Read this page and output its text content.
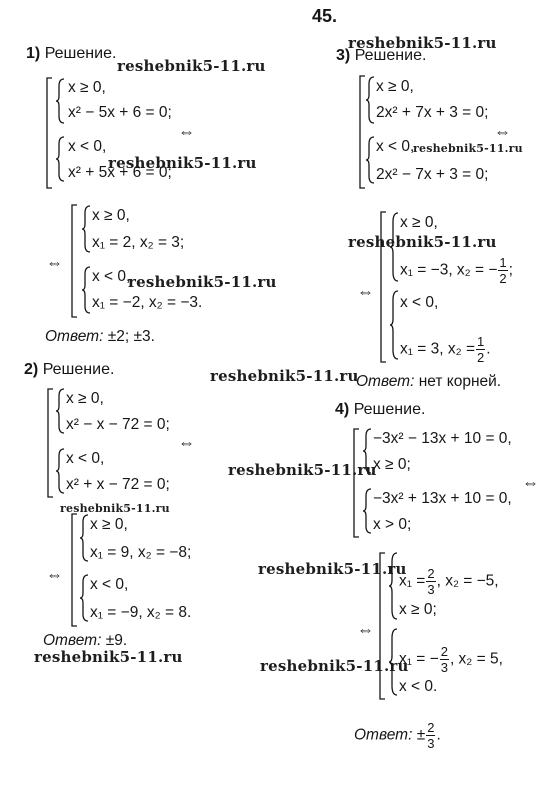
45.
reshebnik5-11.ru
reshebnik5-11.ru
reshebnik5-11.ru
reshebnik5-11.ru
reshebnik5-11.ru
reshebnik5-11.ru
reshebnik5-11.ru
reshebnik5-11.ru
reshebnik5-11.ru
reshebnik5-11.ru
reshebnik5-11.ru	reshebnik5-11.ru
1) Решение.
x ≥ 0,
x² − 5x + 6 = 0;
x < 0,
x² + 5x + 6 = 0;
⇔
⇔
x ≥ 0,
x₁ = 2, x₂ = 3;
x < 0,
x₁ = −2, x₂ = −3.
Ответ: ±2; ±3.
2) Решение.
x ≥ 0,
x² − x − 72 = 0;
x < 0,
x² + x − 72 = 0;
⇔
⇔
x ≥ 0,
x₁ = 9, x₂ = −8;
x < 0,
x₁ = −9, x₂ = 8.
Ответ: ±9.
3) Решение.
x ≥ 0,
2x² + 7x + 3 = 0;
x < 0,
2x² − 7x + 3 = 0;
⇔
⇔
x ≥ 0,
x₁ = −3, x₂ = − $\frac{1}{2}$ ;
x < 0,
x₁ = 3, $x_2 = \frac{1}{2}$ .
Ответ: нет корней.
4) Решение.
−3x² − 13x + 10 = 0,
x ≥ 0;
−3x² + 13x + 10 = 0,
x > 0;
⇔
⇔
$x_1 = \frac{2}{3}$ , x₂ = −5,
x ≥ 0;
x₁ = − $\frac{2}{3}$ , x₂ = 5,
x < 0.
Ответ: ± $\frac{2}{3}$ .
